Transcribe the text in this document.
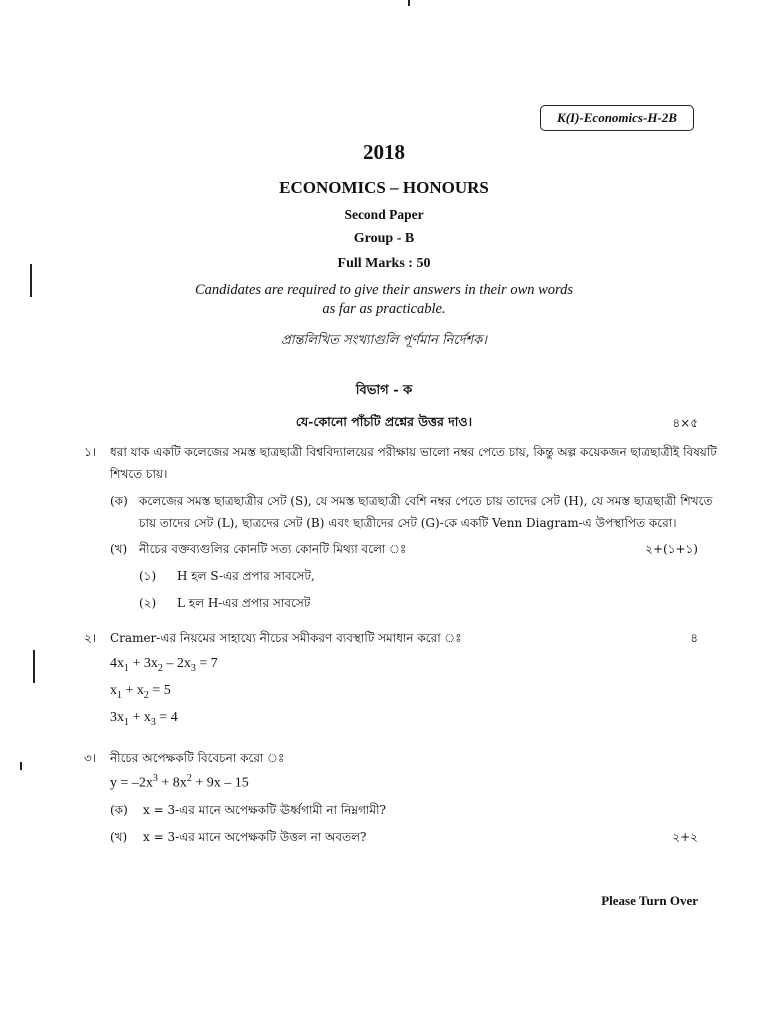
K(I)-Economics-H-2B
2018
ECONOMICS – HONOURS
Second Paper
Group - B
Full Marks : 50
Candidates are required to give their answers in their own words
as far as practicable.
প্রান্তলিখিত সংখ্যাগুলি পূর্ণমান নির্দেশক।
বিভাগ - ক
যে-কোনো পাঁচটি প্রশ্নের উত্তর দাও।	৪×৫
১। ধরা যাক একটি কলেজের সমস্ত ছাত্রছাত্রী বিশ্ববিদ্যালয়ের পরীক্ষায় ভালো নম্বর পেতে চায়, কিন্তু অল্প কয়েকজন ছাত্রছাত্রীই বিষয়টি
শিখতে চায়।
(ক) কলেজের সমস্ত ছাত্রছাত্রীর সেট (S), যে সমস্ত ছাত্রছাত্রী বেশি নম্বর পেতে চায় তাদের সেট (H), যে সমস্ত ছাত্রছাত্রী শিখতে
চায় তাদের সেট (L), ছাত্রদের সেট (B) এবং ছাত্রীদের সেট (G)-কে একটি Venn Diagram-এ উপস্থাপিত করো।
(খ) নীচের বক্তব্যগুলির কোনটি সত্য কোনটি মিথ্যা বলো ঃ	২+(১+১)
(১) H হল S-এর প্রপার সাবসেট,
(২) L হল H-এর প্রপার সাবসেট
২। Cramer-এর নিয়মের সাহায্যে নীচের সমীকরণ ব্যবস্থাটি সমাধান করো ঃ	৪
$4x_1 + 3x_2 - 2x_3 = 7$
$x_1 + x_2 = 5$
$3x_1 + x_3 = 4$
৩। নীচের অপেক্ষকটি বিবেচনা করো ঃ
$y = -2x^3 + 8x^2 + 9x - 15$
(ক) x = 3-এর মানে অপেক্ষকটি ঊর্ধ্বগামী না নিম্নগামী?
(খ) x = 3-এর মানে অপেক্ষকটি উত্তল না অবতল?	২+২
Please Turn Over
